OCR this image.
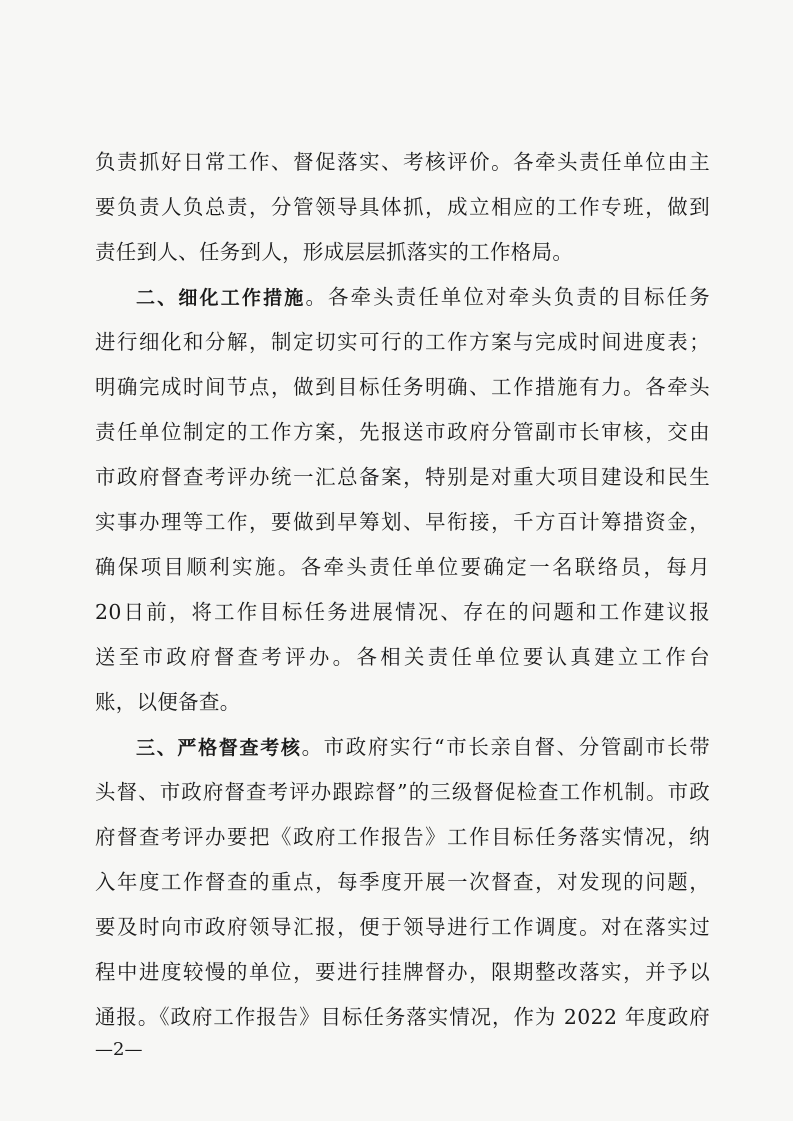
负责抓好日常工作、督促落实、考核评价。各牵头责任单位由主
要负责人负总责，分管领导具体抓，成立相应的工作专班，做到
责任到人、任务到人，形成层层抓落实的工作格局。
二、细化工作措施。各牵头责任单位对牵头负责的目标任务
进行细化和分解，制定切实可行的工作方案与完成时间进度表；
明确完成时间节点，做到目标任务明确、工作措施有力。各牵头
责任单位制定的工作方案，先报送市政府分管副市长审核，交由
市政府督查考评办统一汇总备案，特别是对重大项目建设和民生
实事办理等工作，要做到早筹划、早衔接，千方百计筹措资金，
确保项目顺利实施。各牵头责任单位要确定一名联络员，每月
20日前，将工作目标任务进展情况、存在的问题和工作建议报
送至市政府督查考评办。各相关责任单位要认真建立工作台
账，以便备查。
三、严格督查考核。市政府实行“市长亲自督、分管副市长带
头督、市政府督查考评办跟踪督”的三级督促检查工作机制。市政
府督查考评办要把《政府工作报告》工作目标任务落实情况，纳
入年度工作督查的重点，每季度开展一次督查，对发现的问题，
要及时向市政府领导汇报，便于领导进行工作调度。对在落实过
程中进度较慢的单位，要进行挂牌督办，限期整改落实，并予以
通报。《政府工作报告》目标任务落实情况，作为 2022 年度政府
—2—
